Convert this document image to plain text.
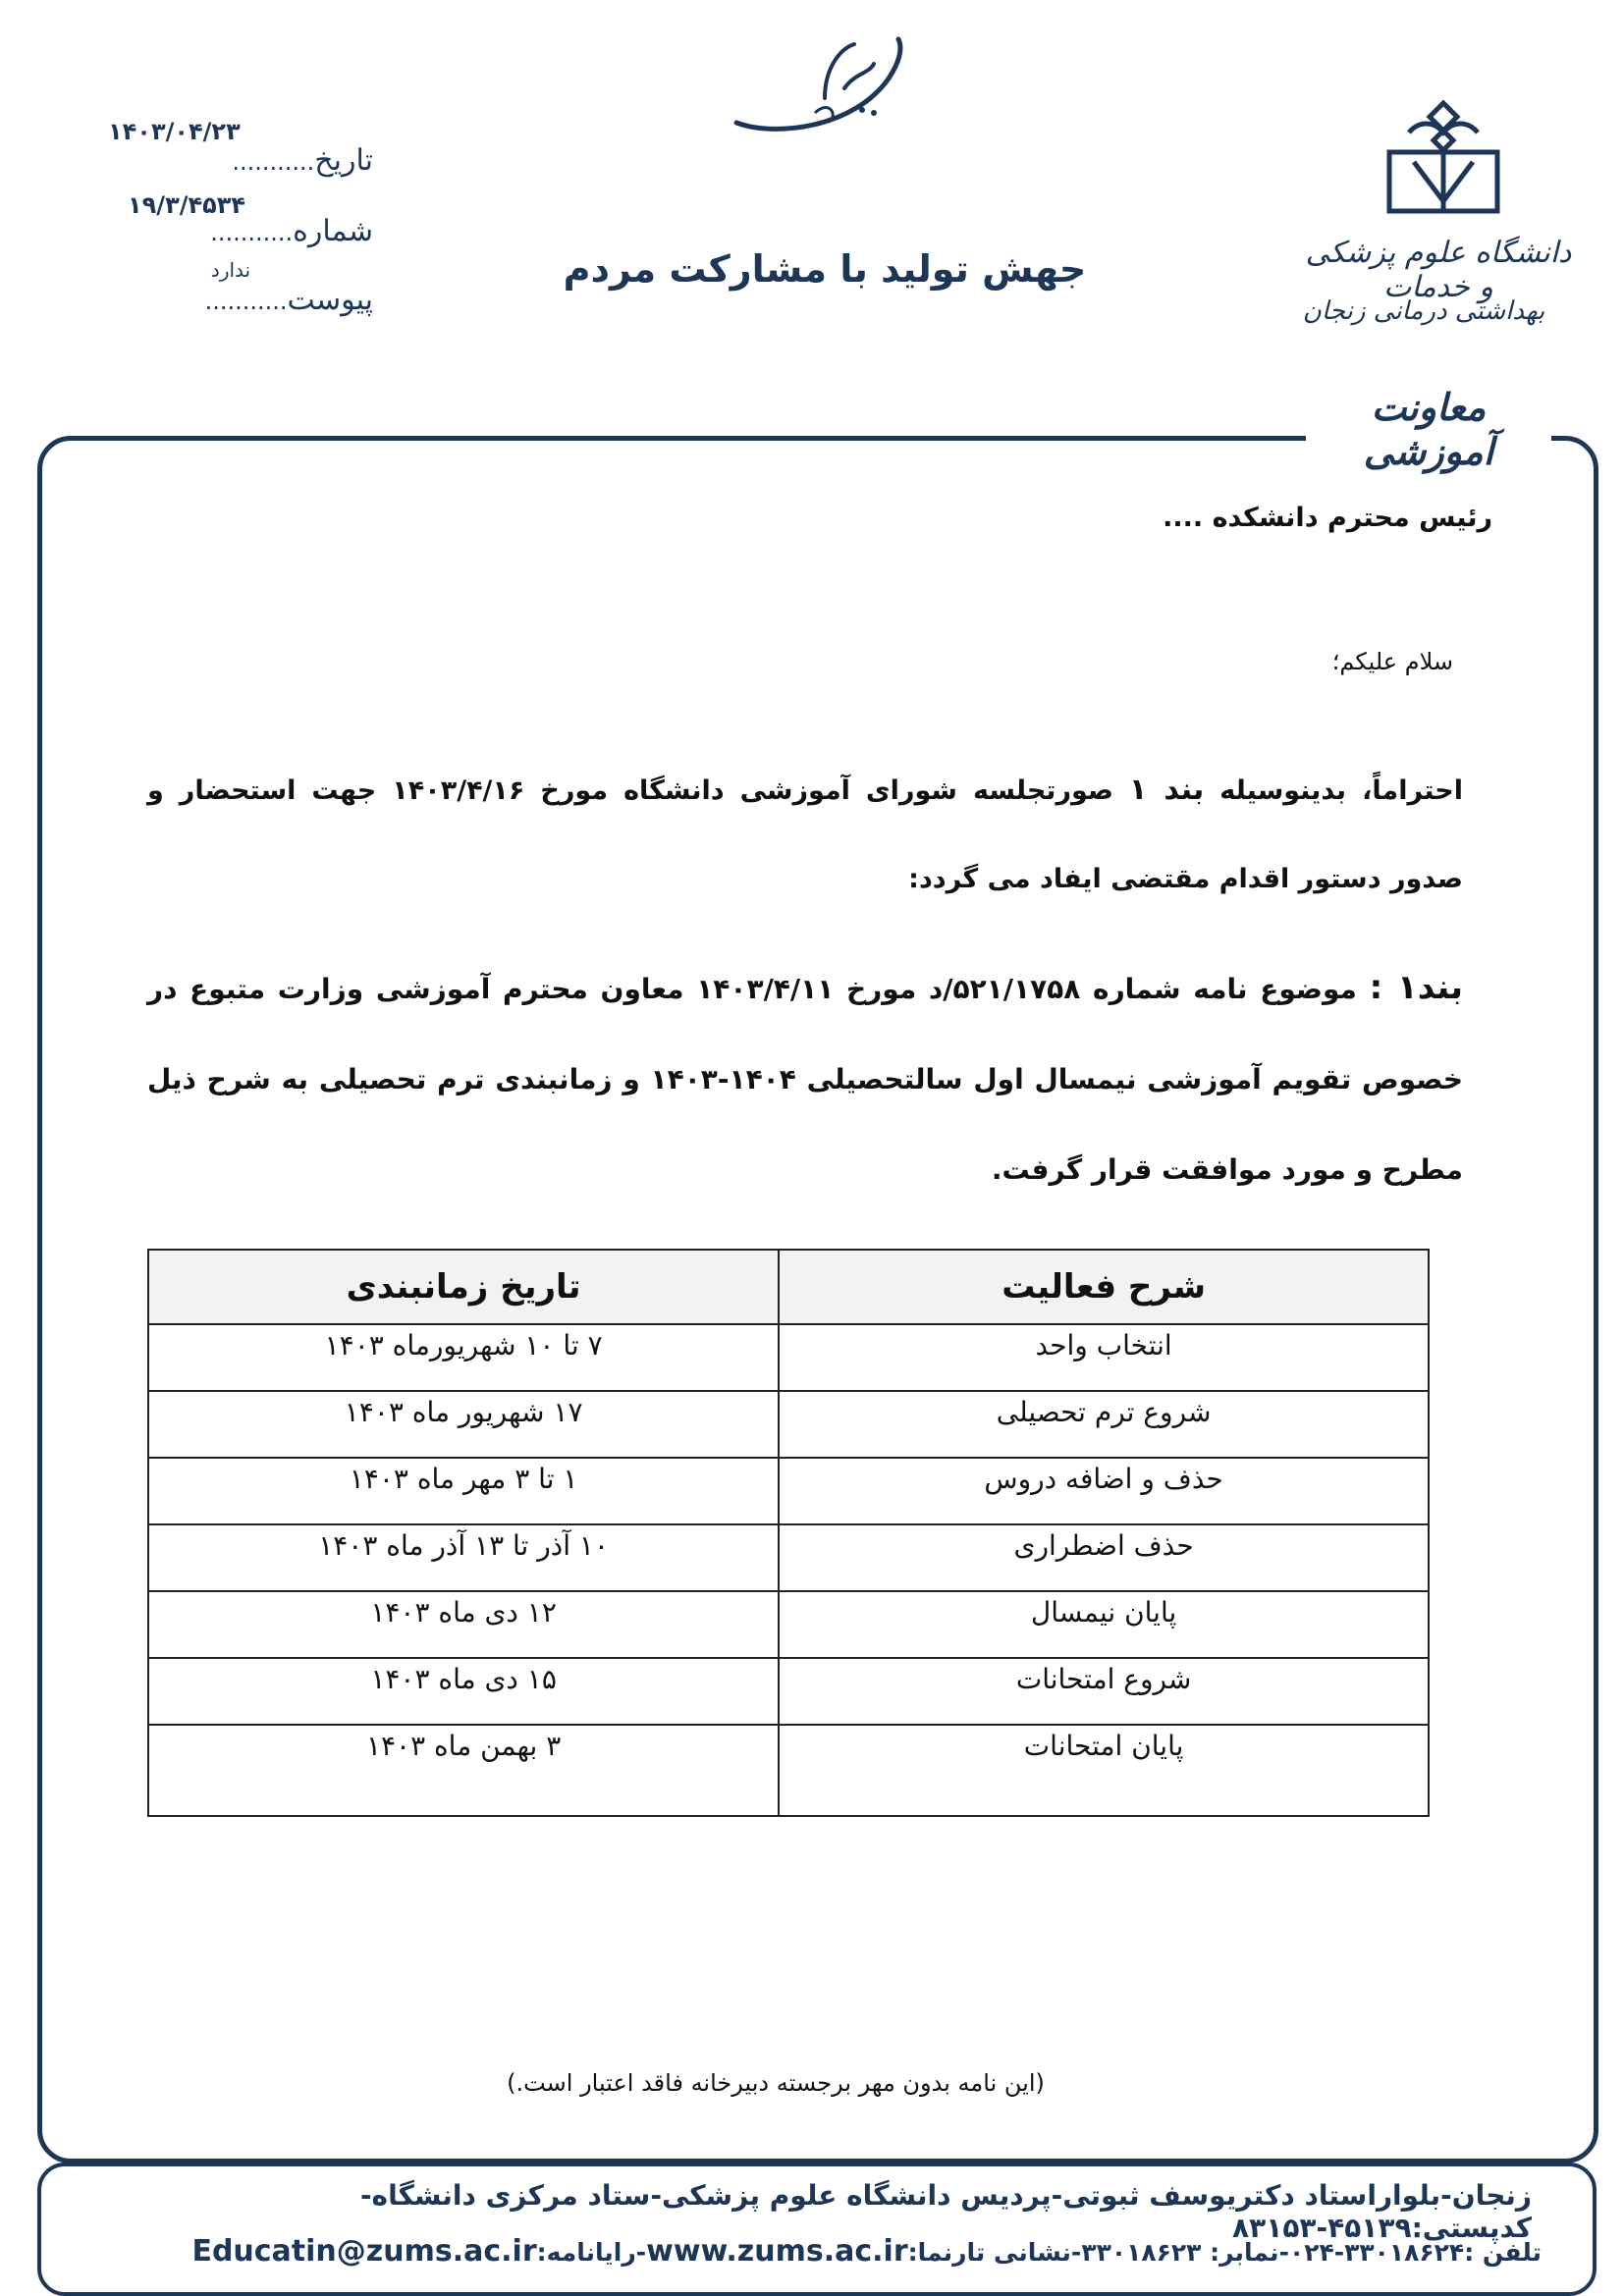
دانشگاه علوم پزشکی و خدمات
بهداشتی درمانی زنجان
جهش تولید با مشارکت مردم
۱۴۰۳/۰۴/۲۳
تاریخ...........
۱۹/۳/۴۵۳۴
شماره...........
ندارد
پیوست...........
معاونت آموزشی
رئیس محترم دانشکده ....
سلام علیکم؛
احتراماً، بدینوسیله بند ۱ صورتجلسه شورای آموزشی دانشگاه مورخ ۱۴۰۳/۴/۱۶ جهت استحضار و صدور دستور اقدام مقتضی ایفاد می گردد:
بند۱ : موضوع نامه شماره ۵۲۱/۱۷۵۸/د مورخ ۱۴۰۳/۴/۱۱ معاون محترم آموزشی وزارت متبوع در خصوص تقویم آموزشی نیمسال اول سالتحصیلی ۱۴۰۴-۱۴۰۳ و زمانبندی ترم تحصیلی به شرح ذیل مطرح و مورد موافقت قرار گرفت.
شرح فعالیت	تاریخ زمانبندی
انتخاب واحد	۷ تا ۱۰ شهریورماه ۱۴۰۳
شروع ترم تحصیلی	۱۷ شهریور ماه ۱۴۰۳
حذف و اضافه دروس	۱ تا ۳ مهر ماه ۱۴۰۳
حذف اضطراری	۱۰ آذر تا ۱۳ آذر ماه ۱۴۰۳
پایان نیمسال	۱۲ دی ماه ۱۴۰۳
شروع امتحانات	۱۵ دی ماه ۱۴۰۳
پایان امتحانات	۳ بهمن ماه ۱۴۰۳
(این نامه بدون مهر برجسته دبیرخانه فاقد اعتبار است.)
زنجان-بلواراستاد دکتریوسف ثبوتی-پردیس دانشگاه علوم پزشکی-ستاد مرکزی دانشگاه-کدپستی:۴۵۱۳۹-۸۳۱۵۳
تلفن :۳۳۰۱۸۶۲۴-۰۲۴-نمابر: ۳۳۰۱۸۶۲۳-نشانی تارنما:www.zums.ac.ir-رایانامه:Educatin@zums.ac.ir
